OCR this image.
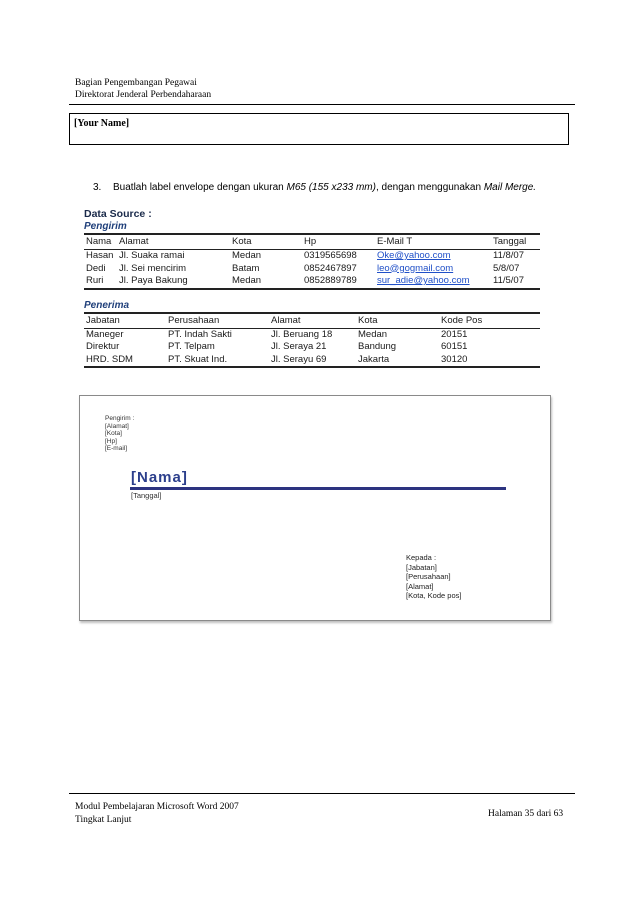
Bagian Pengembangan Pegawai
Direktorat Jenderal Perbendaharaan
[Your Name]
3. Buatlah label envelope dengan ukuran M65 (155 x233 mm), dengan menggunakan Mail Merge.
Data Source :
Pengirim
Nama	Alamat	Kota	Hp	E-Mail T	Tanggal
Hasan	Jl. Suaka ramai	Medan	0319565698	Oke@yahoo.com	11/8/07
Dedi	Jl. Sei mencirim	Batam	0852467897	leo@gogmail.com	5/8/07
Ruri	Jl. Paya Bakung	Medan	0852889789	sur_adie@yahoo.com	11/5/07
Penerima
Jabatan	Perusahaan	Alamat	Kota	Kode Pos
Maneger	PT. Indah Sakti	Jl. Beruang 18	Medan	20151
Direktur	PT. Telpam	Jl. Seraya 21	Bandung	60151
HRD. SDM	PT. Skuat Ind.	Jl. Serayu 69	Jakarta	30120
Pengirim :
[Alamat]
[Kota]
[Hp]
[E-mail]
[Nama]
[Tanggal]
Kepada :
[Jabatan]
[Perusahaan]
[Alamat]
[Kota, Kode pos]
Modul Pembelajaran Microsoft Word 2007
Tingkat Lanjut
Halaman 35 dari 63
